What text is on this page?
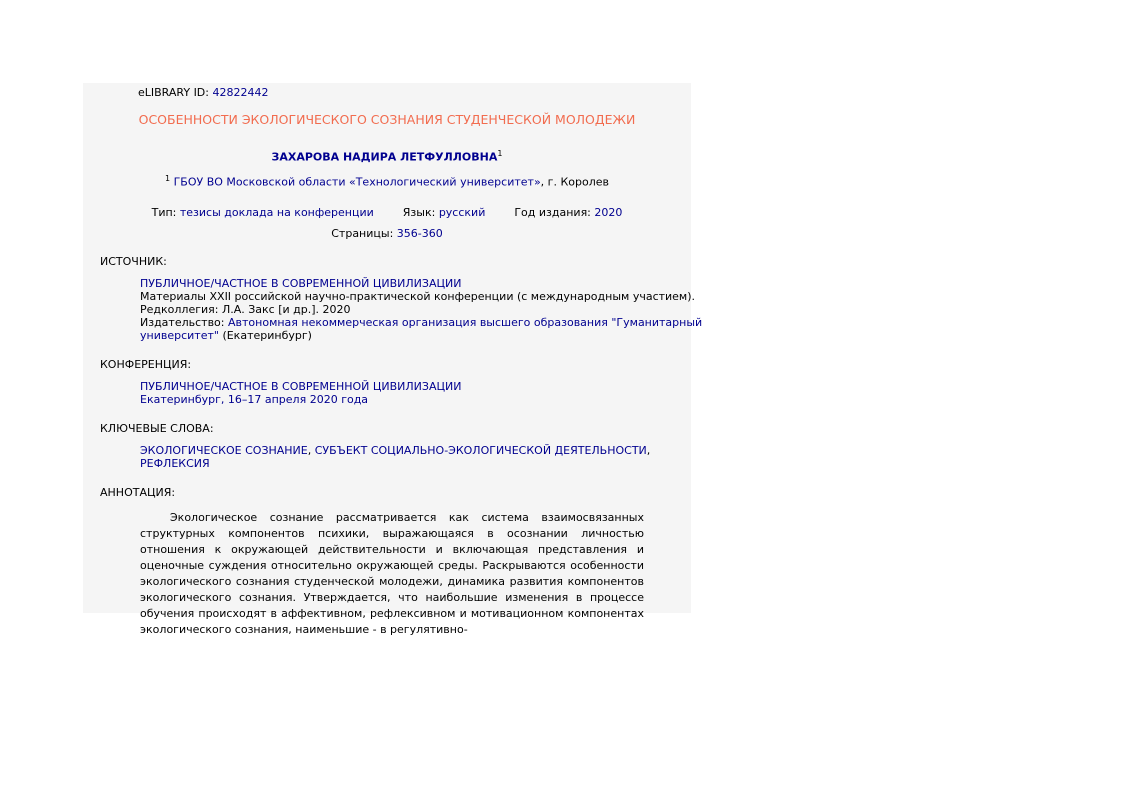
eLIBRARY ID: 42822442
ОСОБЕННОСТИ ЭКОЛОГИЧЕСКОГО СОЗНАНИЯ СТУДЕНЧЕСКОЙ МОЛОДЕЖИ
ЗАХАРОВА НАДИРА ЛЕТФУЛЛОВНА$^1$
$^1$ ГБОУ ВО Московской области «Технологический университет», г. Королев
Тип: тезисы доклада на конференции	Язык: русский	Год издания: 2020
Страницы: 356-360
ИСТОЧНИК:
ПУБЛИЧНОЕ/ЧАСТНОЕ В СОВРЕМЕННОЙ ЦИВИЛИЗАЦИИ
Материалы XXII российской научно-практической конференции (с международным участием).
Редколлегия: Л.А. Закс [и др.]. 2020
Издательство: Автономная некоммерческая организация высшего образования "Гуманитарный
университет" (Екатеринбург)
КОНФЕРЕНЦИЯ:
ПУБЛИЧНОЕ/ЧАСТНОЕ В СОВРЕМЕННОЙ ЦИВИЛИЗАЦИИ
Екатеринбург, 16–17 апреля 2020 года
КЛЮЧЕВЫЕ СЛОВА:
ЭКОЛОГИЧЕСКОЕ СОЗНАНИЕ, СУБЪЕКТ СОЦИАЛЬНО-ЭКОЛОГИЧЕСКОЙ ДЕЯТЕЛЬНОСТИ,
РЕФЛЕКСИЯ
АННОТАЦИЯ:
Экологическое сознание рассматривается как система взаимосвязанных структурных компонентов психики, выражающаяся в осознании личностью отношения к окружающей действительности и включающая представления и оценочные суждения относительно окружающей среды. Раскрываются особенности экологического сознания студенческой молодежи, динамика развития компонентов экологического сознания. Утверждается, что наибольшие изменения в процессе обучения происходят в аффективном, рефлексивном и мотивационном компонентах экологического сознания, наименьшие - в регулятивно-
